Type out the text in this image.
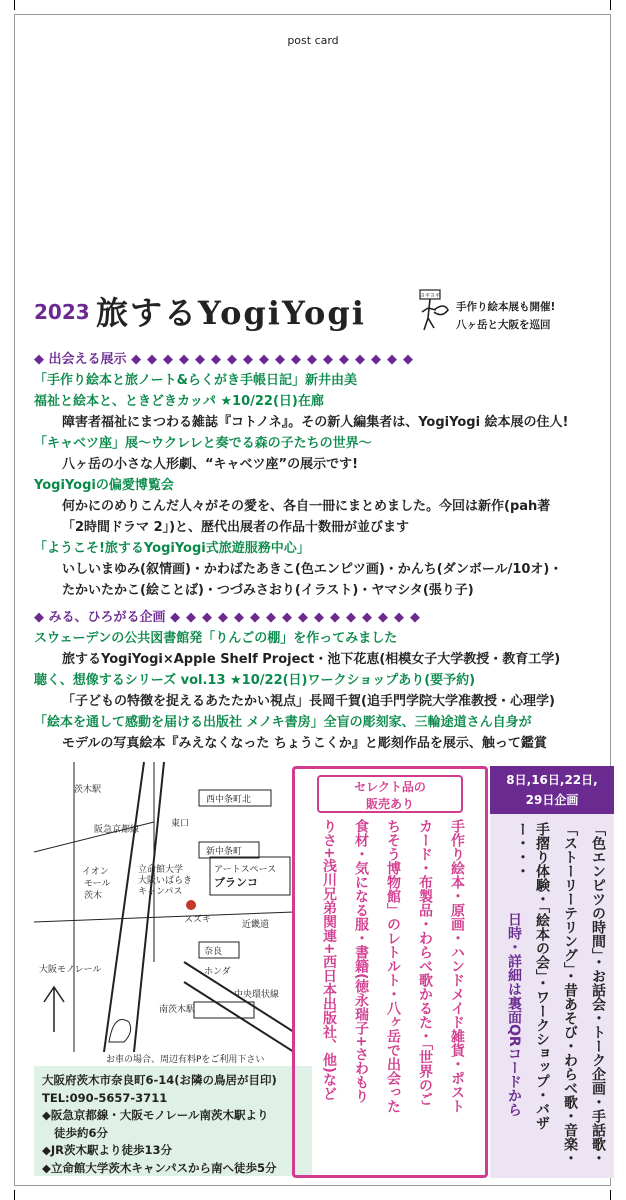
post card
2023 旅するYogiYogi	ヨギヨギ
手作り絵本展も開催!
八ヶ岳と大阪を巡回
◆ 出会える展示 ◆◆◆◆◆◆◆◆◆◆◆◆◆◆◆◆◆◆
「手作り絵本と旅ノート&らくがき手帳日記」新井由美
福祉と絵本と、ときどきカッパ ★10/22(日)在廊
障害者福祉にまつわる雑誌『コトノネ』。その新人編集者は、YogiYogi 絵本展の住人!
「キャベツ座」展〜ウクレレと奏でる森の子たちの世界〜
八ヶ岳の小さな人形劇、“キャベツ座”の展示です!
YogiYogiの偏愛博覧会
何かにのめりこんだ人々がその愛を、各自一冊にまとめました。今回は新作(pah著
「2時間ドラマ 2」)と、歴代出展者の作品十数冊が並びます
「ようこそ!旅するYogiYogi式旅遊服務中心」
いしいまゆみ(叙情画)・かわばたあきこ(色エンピツ画)・かんち(ダンボール/10オ)・
たかいたかこ(絵ことば)・つづみさおり(イラスト)・ヤマシタ(張り子)
◆ みる、ひろがる企画 ◆◆◆◆◆◆◆◆◆◆◆◆◆◆◆◆
スウェーデンの公共図書館発「りんごの棚」を作ってみました
旅するYogiYogi×Apple Shelf Project・池下花恵(相模女子大学教授・教育工学)
聴く、想像するシリーズ vol.13 ★10/22(日)ワークショップあり(要予約)
「子どもの特徴を捉えるあたたかい視点」長岡千賀(追手門学院大学准教授・心理学)
「絵本を通して感動を届ける出版社 メノキ書房」全盲の彫刻家、三輪途道さん自身が
モデルの写真絵本『みえなくなった ちょうこくか』と彫刻作品を展示、触って鑑賞
西中条町北
東口
新中条町
立命館大学
大阪いばらき
キャンパス
アートスペース
ブランコ
イオン
モール
茨木
スズキ
奈良
ホンダ
南茨木駅
茨木駅
阪急京都線
大阪モノレール
中央環状線
近畿道
お車の場合、周辺有料Pをご利用下さい
大阪府茨木市奈良町6-14(お隣の鳥居が目印)
TEL:090-5657-3711
◆阪急京都線・大阪モノレール南茨木駅より
徒歩約6分
◆JR茨木駅より徒歩13分
◆立命館大学茨木キャンパスから南へ徒歩5分
セレクト品の
販売あり
手作り絵本・原画・ハンドメイド雑貨・ポスト
カード・布製品・わらべ歌かるた・「世界のご
ちそう博物館」のレトルト・八ヶ岳で出会った
食材・気になる服・書籍(徳永瑞子+さわもり
りさ+浅川兄弟関連+西日本出版社、他)など
8日,16日,22日,
29日企画
「色エンピツの時間」・お話会・トーク企画・手話歌・
「ストーリーテリング」・昔あそび・わらべ歌・音楽・
手摺り体験・「絵本の会」・ワークショップ・バザー・・・
日時・詳細は裏面QRコードから
